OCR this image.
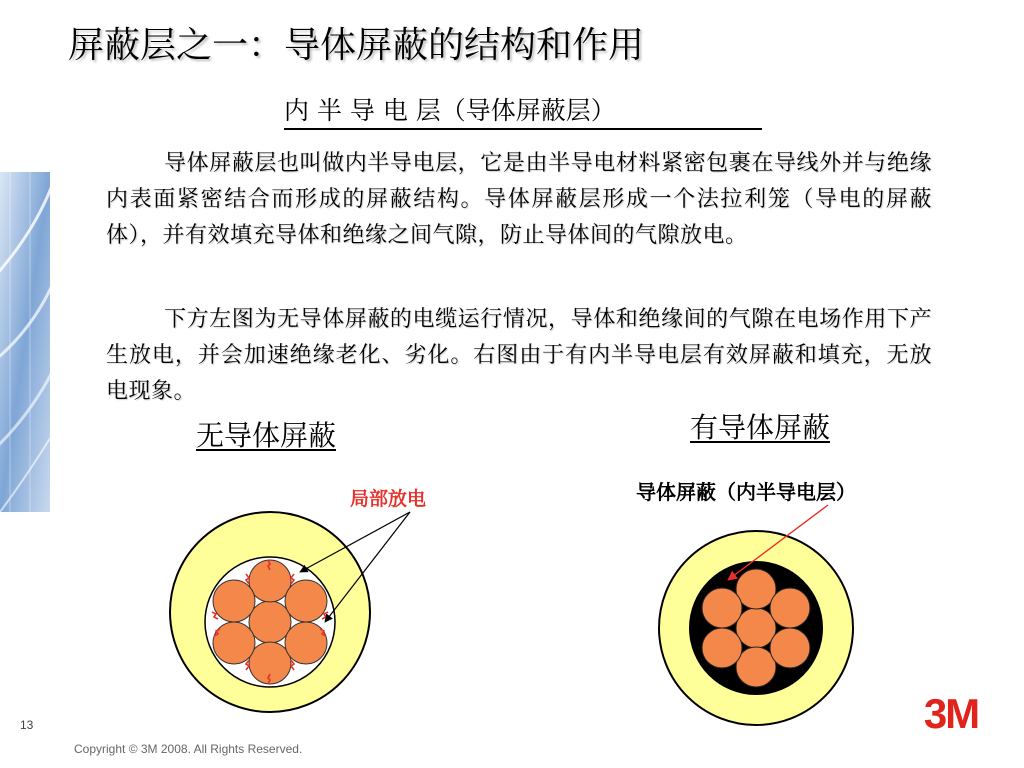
屏蔽层之一：导体屏蔽的结构和作用
内 半 导 电 层（导体屏蔽层）
导体屏蔽层也叫做内半导电层，它是由半导电材料紧密包裹在导线外并与绝缘内表面紧密结合而形成的屏蔽结构。导体屏蔽层形成一个法拉利笼（导电的屏蔽体），并有效填充导体和绝缘之间气隙，防止导体间的气隙放电。
下方左图为无导体屏蔽的电缆运行情况，导体和绝缘间的气隙在电场作用下产生放电，并会加速绝缘老化、劣化。右图由于有内半导电层有效屏蔽和填充，无放电现象。
无导体屏蔽	有导体屏蔽
局部放电	导体屏蔽（内半导电层）
13
Copyright © 3M 2008. All Rights Reserved.
3M
